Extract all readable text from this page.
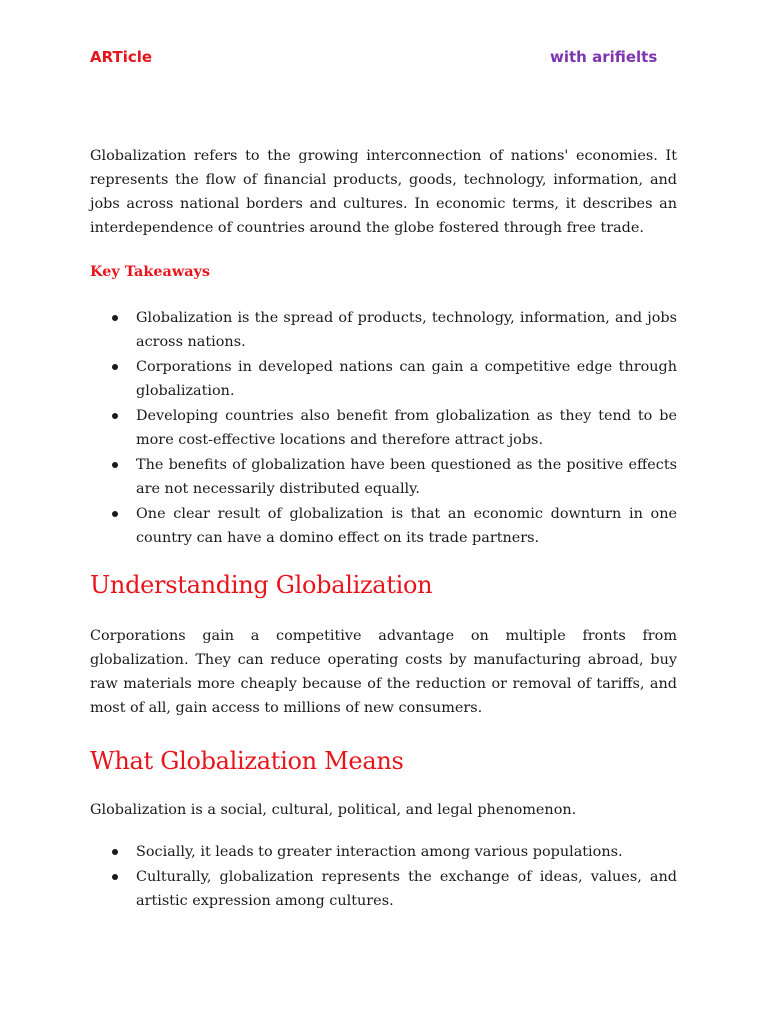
ARTicle	with arifielts

Globalization refers to the growing interconnection of nations' economies. It represents the flow of financial products, goods, technology, information, and jobs across national borders and cultures. In economic terms, it describes an interdependence of countries around the globe fostered through free trade.

Key Takeaways
Globalization is the spread of products, technology, information, and jobs across nations.
Corporations in developed nations can gain a competitive edge through globalization.
Developing countries also benefit from globalization as they tend to be more cost-effective locations and therefore attract jobs.
The benefits of globalization have been questioned as the positive effects are not necessarily distributed equally.
One clear result of globalization is that an economic downturn in one country can have a domino effect on its trade partners.
Understanding Globalization

Corporations gain a competitive advantage on multiple fronts from globalization. They can reduce operating costs by manufacturing abroad, buy raw materials more cheaply because of the reduction or removal of tariffs, and most of all, gain access to millions of new consumers.

What Globalization Means

Globalization is a social, cultural, political, and legal phenomenon.

Socially, it leads to greater interaction among various populations.
Culturally, globalization represents the exchange of ideas, values, and artistic expression among cultures.
